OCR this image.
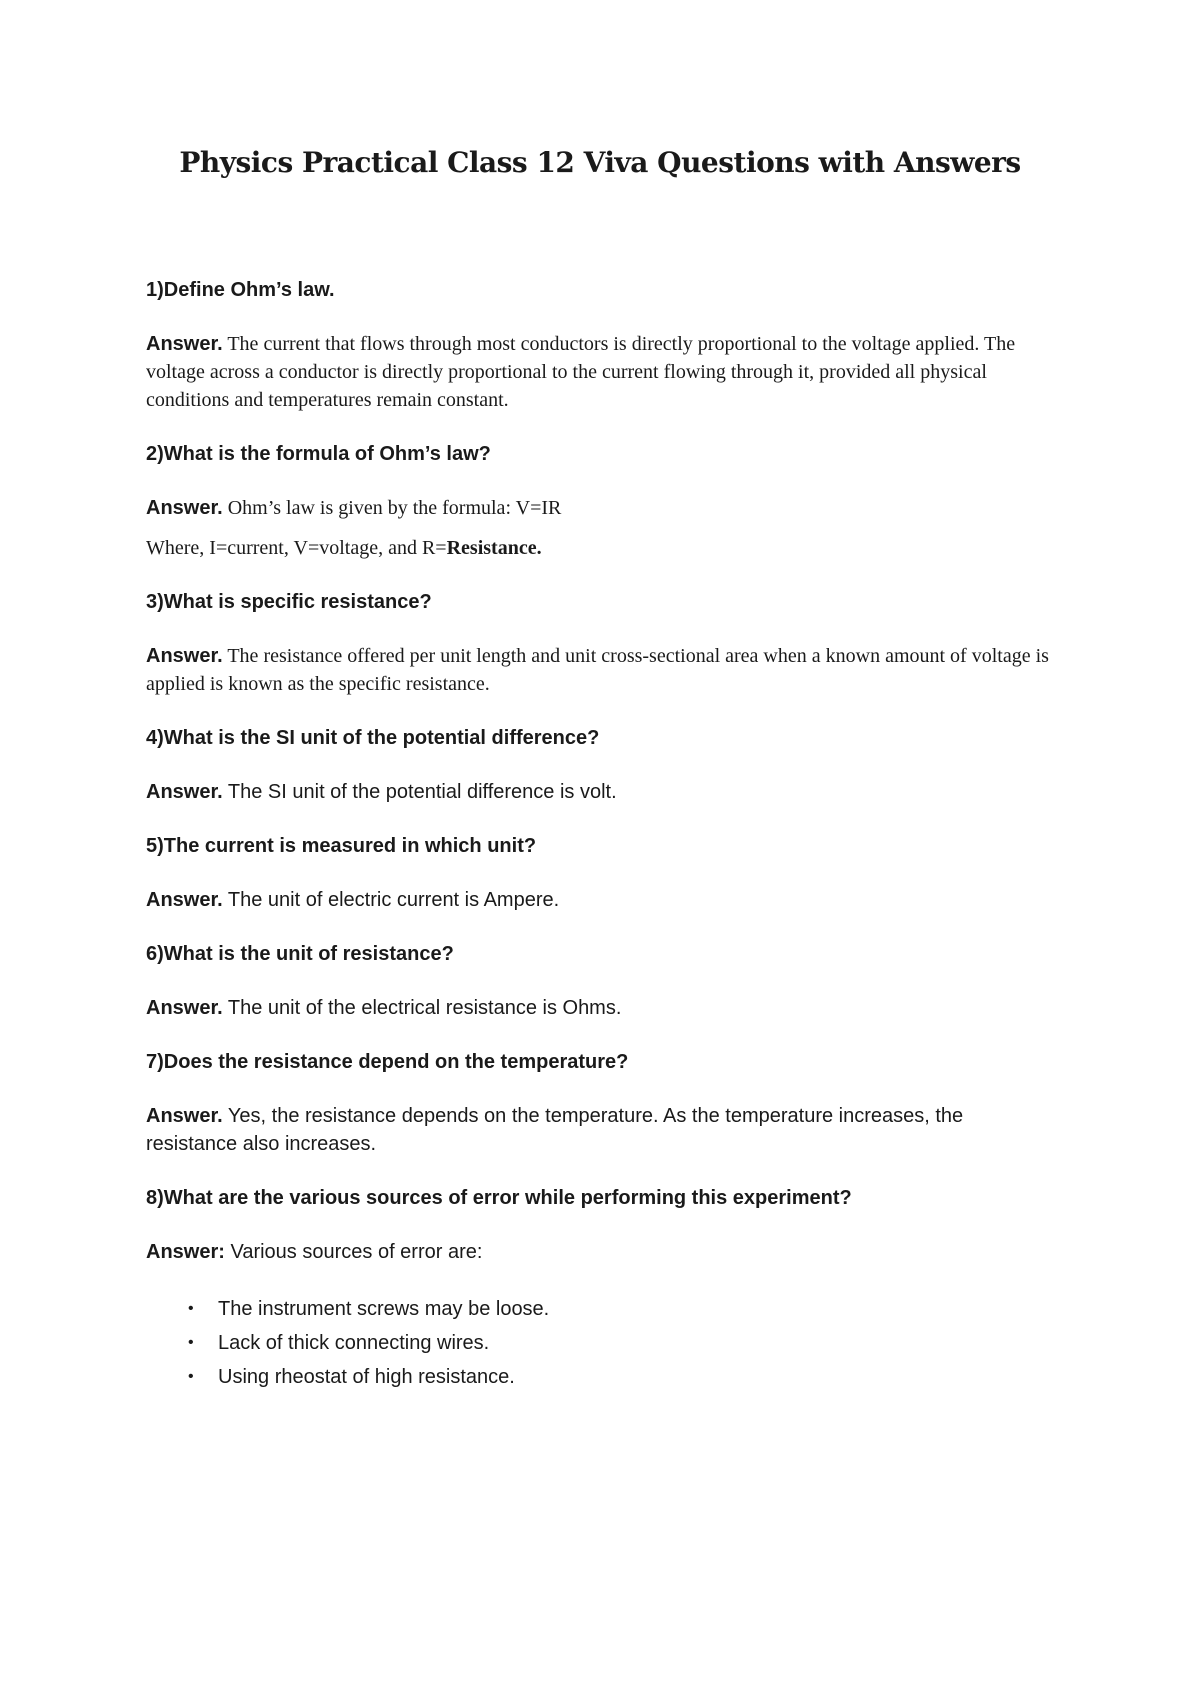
Physics Practical Class 12 Viva Questions with Answers

1)Define Ohm’s law.

Answer. The current that flows through most conductors is directly proportional to the voltage applied. The voltage across a conductor is directly proportional to the current flowing through it, provided all physical conditions and temperatures remain constant.

2)What is the formula of Ohm’s law?

Answer. Ohm’s law is given by the formula: V=IR

Where, I=current, V=voltage, and R=Resistance.

3)What is specific resistance?

Answer. The resistance offered per unit length and unit cross-sectional area when a known amount of voltage is applied is known as the specific resistance.

4)What is the SI unit of the potential difference?

Answer. The SI unit of the potential difference is volt.

5)The current is measured in which unit?

Answer. The unit of electric current is Ampere.

6)What is the unit of resistance?

Answer. The unit of the electrical resistance is Ohms.

7)Does the resistance depend on the temperature?

Answer. Yes, the resistance depends on the temperature. As the temperature increases, the resistance also increases.

8)What are the various sources of error while performing this experiment?

Answer: Various sources of error are:

• The instrument screws may be loose.
• Lack of thick connecting wires.
• Using rheostat of high resistance.
